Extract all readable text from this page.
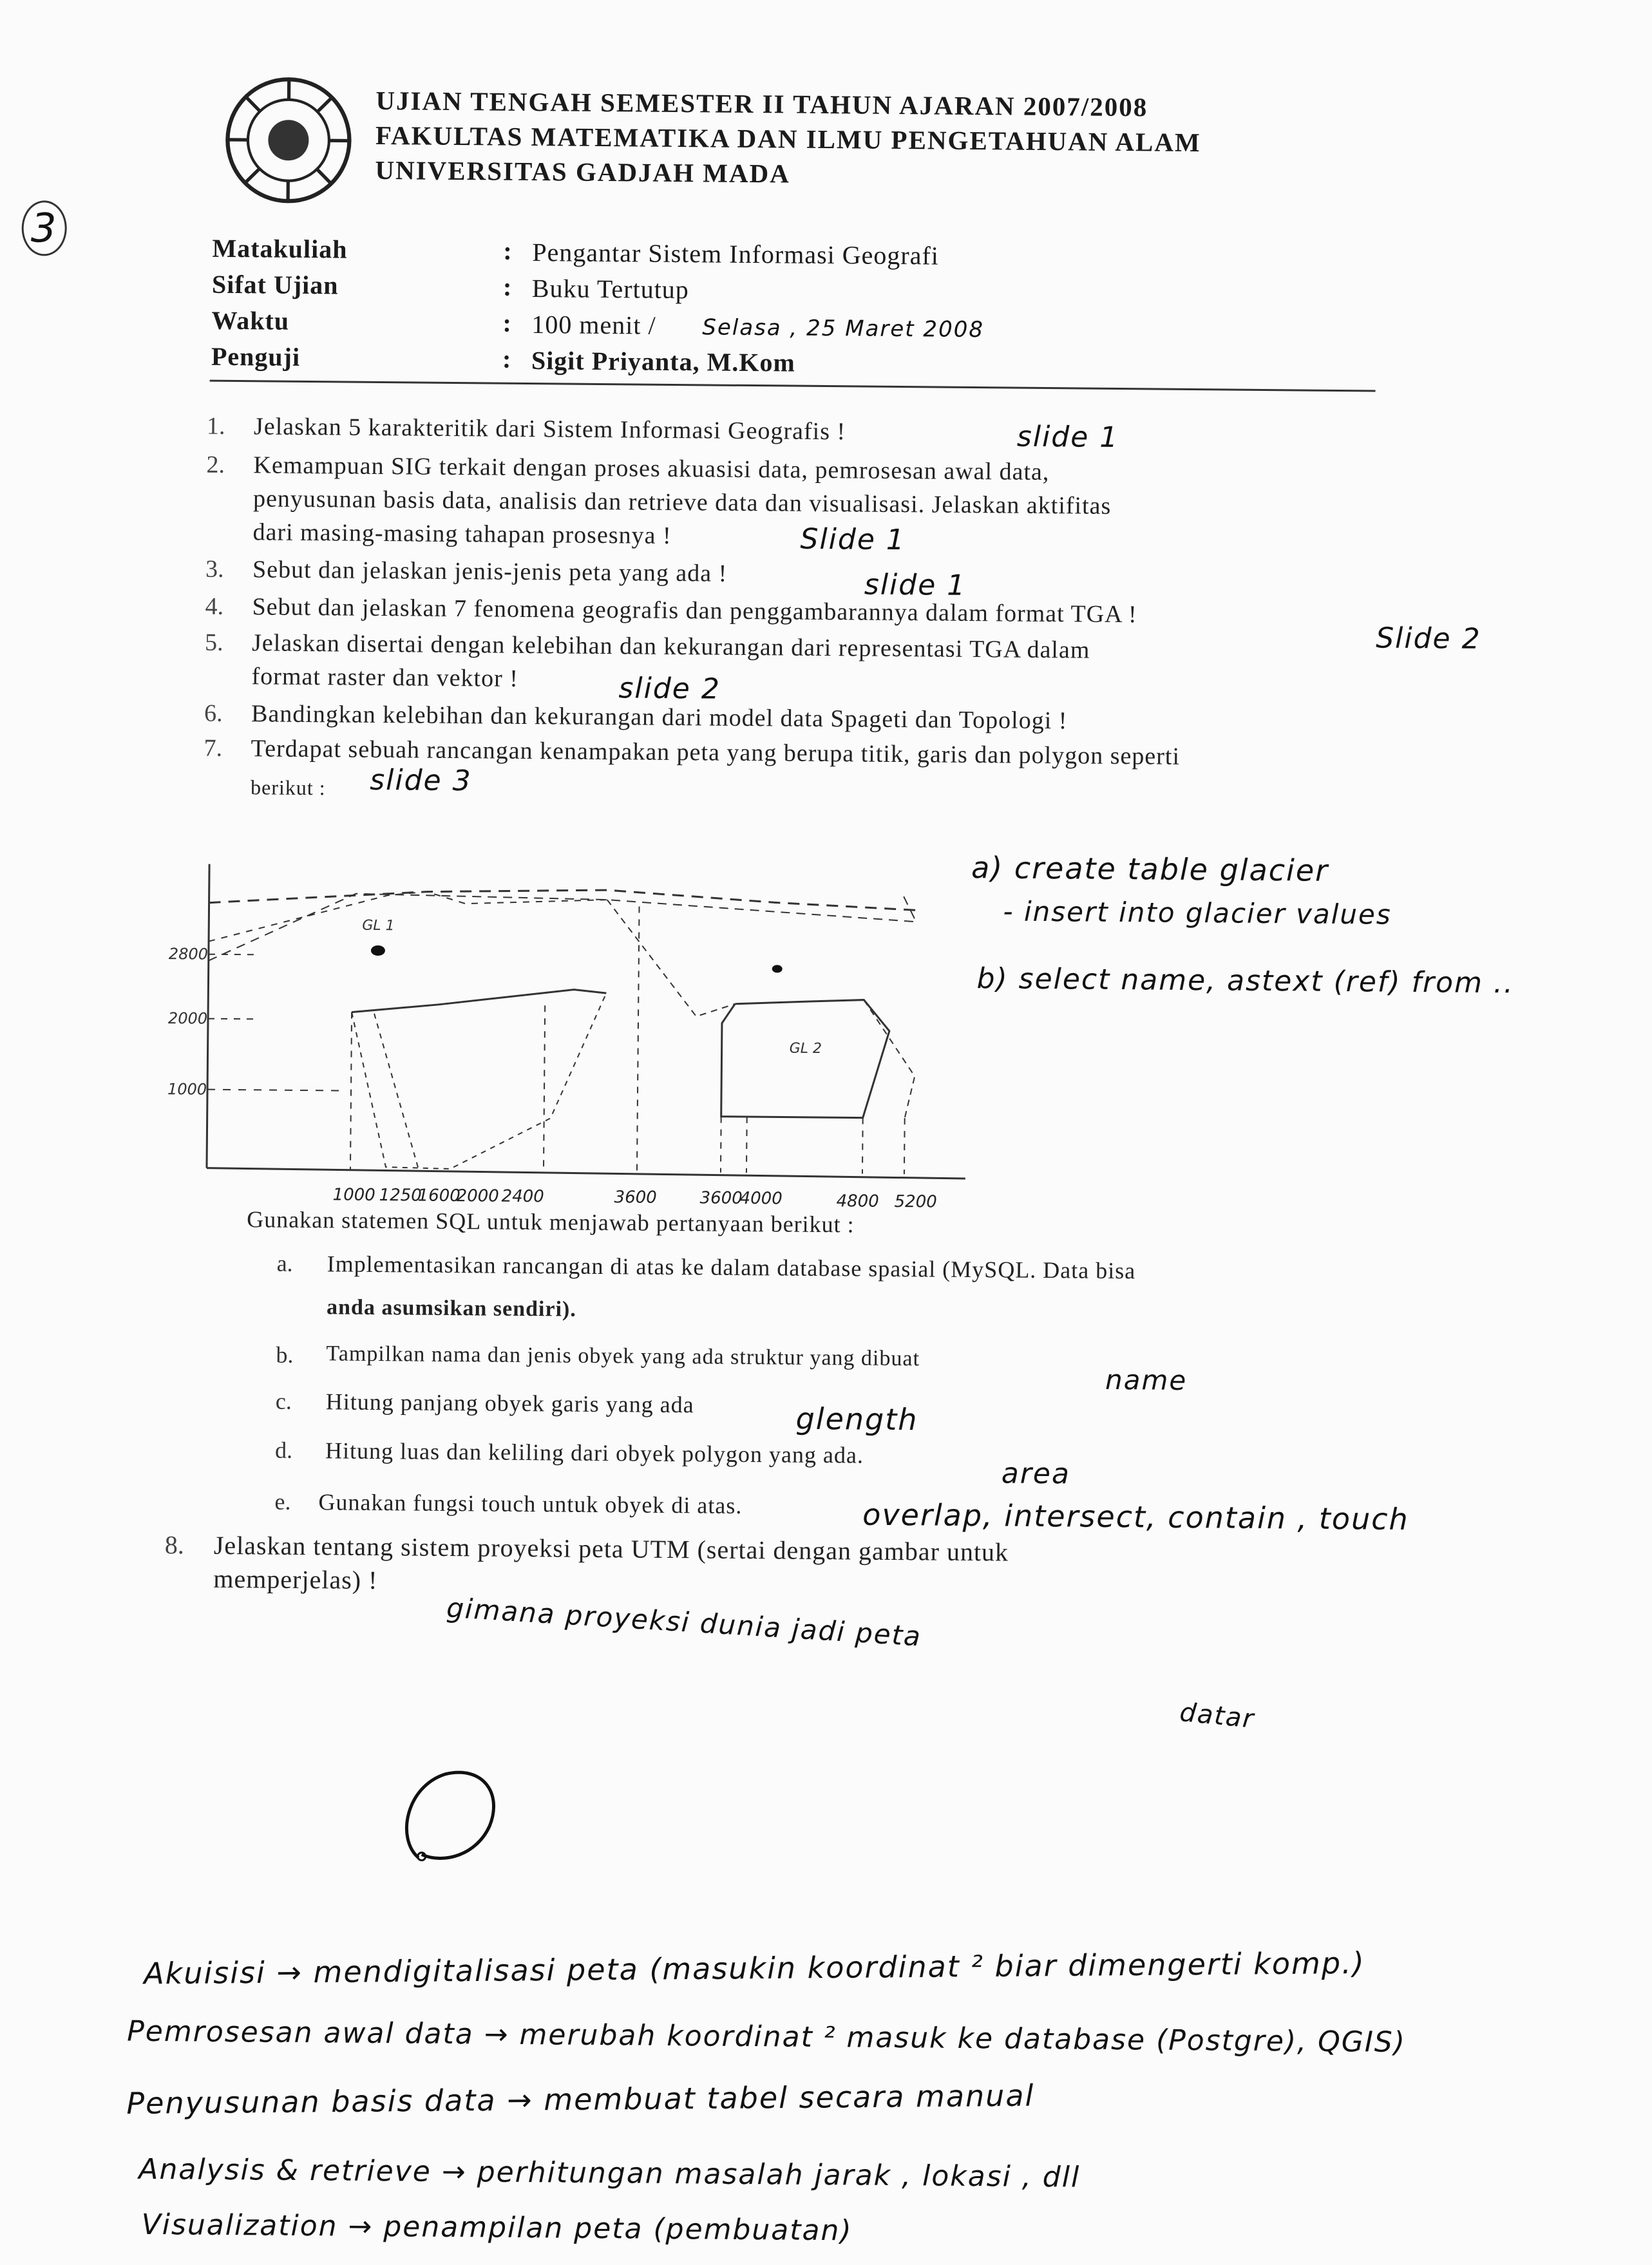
3
UJIAN TENGAH SEMESTER II TAHUN AJARAN 2007/2008
FAKULTAS MATEMATIKA DAN ILMU PENGETAHUAN ALAM
UNIVERSITAS GADJAH MADA
Matakuliah	: Pengantar Sistem Informasi Geografi
Sifat Ujian	: Buku Tertutup
Waktu	: 100 menit / Selasa , 25 Maret 2008
Penguji	: Sigit Priyanta, M.Kom
1. Jelaskan 5 karakteritik dari Sistem Informasi Geografis !	slide 1
2. Kemampuan SIG terkait dengan proses akuasisi data, pemrosesan awal data,
penyusunan basis data, analisis dan retrieve data dan visualisasi. Jelaskan aktifitas
dari masing-masing tahapan prosesnya !	Slide 1
3. Sebut dan jelaskan jenis-jenis peta yang ada !	slide 1
4. Sebut dan jelaskan 7 fenomena geografis dan penggambarannya dalam format TGA !
Slide 2
5. Jelaskan disertai dengan kelebihan dan kekurangan dari representasi TGA dalam
format raster dan vektor !	slide 2
6. Bandingkan kelebihan dan kekurangan dari model data Spageti dan Topologi !
7. Terdapat sebuah rancangan kenampakan peta yang berupa titik, garis dan polygon seperti
berikut : slide 3
a) create table glacier
- insert into glacier values
b) select name, astext (ref) from ..
GL 1
GL 2
2800
2000
1000
1000 1250
1600
2000 2400	3600	3600
4000	4800 5200
Gunakan statemen SQL untuk menjawab pertanyaan berikut :
a. Implementasikan rancangan di atas ke dalam database spasial (MySQL. Data bisa
anda asumsikan sendiri).
b. Tampilkan nama dan jenis obyek yang ada struktur yang dibuat
name
c. Hitung panjang obyek garis yang ada	glength
d. Hitung luas dan keliling dari obyek polygon yang ada.
area
e. Gunakan fungsi touch untuk obyek di atas.	overlap, intersect, contain , touch
8. Jelaskan tentang sistem proyeksi peta UTM (sertai dengan gambar untuk
memperjelas) !
gimana proyeksi dunia jadi peta
datar
Akuisisi → mendigitalisasi peta (masukin koordinat ² biar dimengerti komp.)
Pemrosesan awal data → merubah koordinat ² masuk ke database (Postgre), QGIS)
Penyusunan basis data → membuat tabel secara manual
Analysis & retrieve → perhitungan masalah jarak , lokasi , dll
Visualization → penampilan peta (pembuatan)
